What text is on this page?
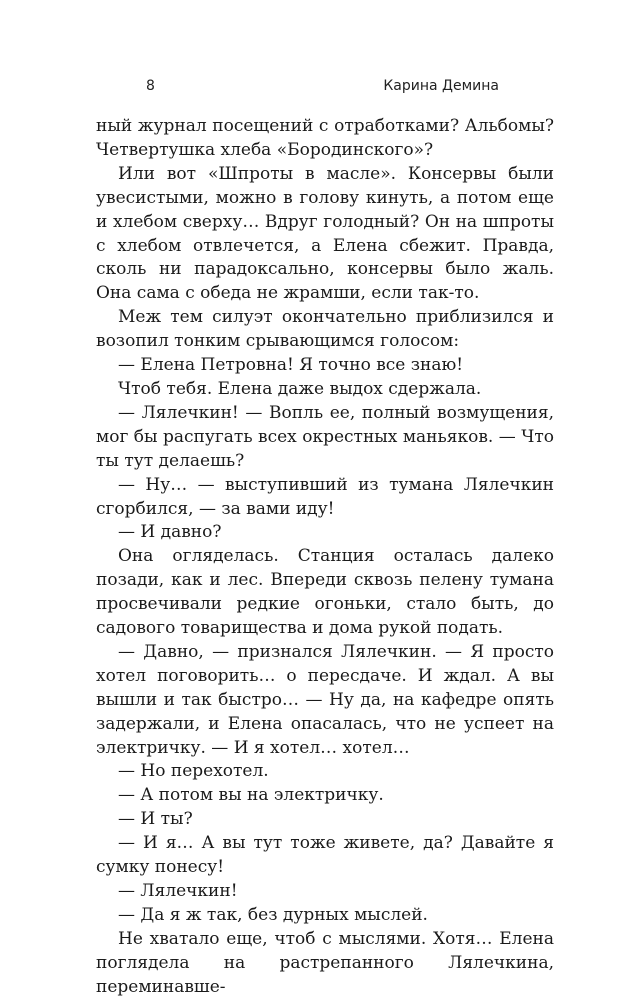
8	Карина Демина

ный журнал посещений с отработками? Альбомы? Четвертушка хлеба «Бородинского»?

Или вот «Шпроты в масле». Консервы были увесистыми, можно в голову кинуть, а потом еще и хлебом сверху… Вдруг голодный? Он на шпроты с хлебом отвлечется, а Елена сбежит. Правда, сколь ни парадоксально, консервы было жаль. Она сама с обеда не жрамши, если так-то.

Меж тем силуэт окончательно приблизился и возопил тонким срывающимся голосом:

— Елена Петровна! Я точно все знаю!

Чтоб тебя. Елена даже выдох сдержала.

— Лялечкин! — Вопль ее, полный возмущения, мог бы распугать всех окрестных маньяков. — Что ты тут делаешь?

— Ну… — выступивший из тумана Лялечкин сгорбился, — за вами иду!

— И давно?

Она огляделась. Станция осталась далеко позади, как и лес. Впереди сквозь пелену тумана просвечивали редкие огоньки, стало быть, до садового товарищества и дома рукой подать.

— Давно, — признался Лялечкин. — Я просто хотел поговорить… о пересдаче. И ждал. А вы вышли и так быстро… — Ну да, на кафедре опять задержали, и Елена опасалась, что не успеет на электричку. — И я хотел… хотел…

— Но перехотел.

— А потом вы на электричку.

— И ты?

— И я… А вы тут тоже живете, да? Давайте я сумку понесу!

— Лялечкин!

— Да я ж так, без дурных мыслей.

Не хватало еще, чтоб с мыслями. Хотя… Елена поглядела на растрепанного Лялечкина, переминавше-
